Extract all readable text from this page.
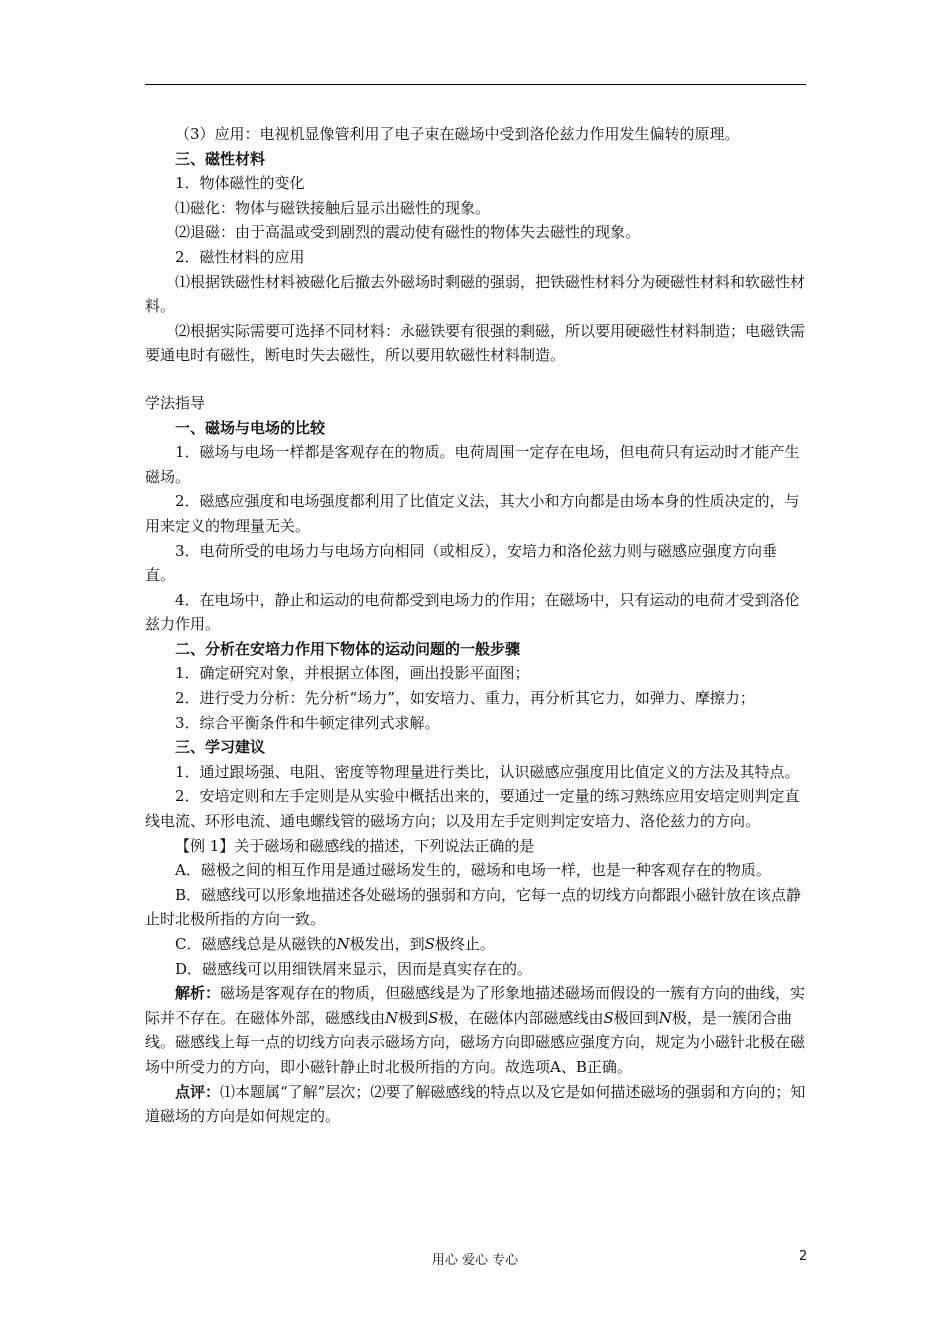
（3）应用：电视机显像管利用了电子束在磁场中受到洛伦兹力作用发生偏转的原理。

三、磁性材料

1．物体磁性的变化

⑴磁化：物体与磁铁接触后显示出磁性的现象。

⑵退磁：由于高温或受到剧烈的震动使有磁性的物体失去磁性的现象。

2．磁性材料的应用

⑴根据铁磁性材料被磁化后撤去外磁场时剩磁的强弱，把铁磁性材料分为硬磁性材料和软磁性材料。

⑵根据实际需要可选择不同材料：永磁铁要有很强的剩磁，所以要用硬磁性材料制造；电磁铁需要通电时有磁性，断电时失去磁性，所以要用软磁性材料制造。

学法指导

一、磁场与电场的比较

1．磁场与电场一样都是客观存在的物质。电荷周围一定存在电场，但电荷只有运动时才能产生磁场。

2．磁感应强度和电场强度都利用了比值定义法，其大小和方向都是由场本身的性质决定的，与用来定义的物理量无关。

3．电荷所受的电场力与电场方向相同（或相反），安培力和洛伦兹力则与磁感应强度方向垂直。

4．在电场中，静止和运动的电荷都受到电场力的作用；在磁场中，只有运动的电荷才受到洛伦兹力作用。

二、分析在安培力作用下物体的运动问题的一般步骤

1．确定研究对象，并根据立体图，画出投影平面图；

2．进行受力分析：先分析“场力”，如安培力、重力，再分析其它力，如弹力、摩擦力；

3．综合平衡条件和牛顿定律列式求解。

三、学习建议

1．通过跟场强、电阻、密度等物理量进行类比，认识磁感应强度用比值定义的方法及其特点。

2．安培定则和左手定则是从实验中概括出来的，要通过一定量的练习熟练应用安培定则判定直线电流、环形电流、通电螺线管的磁场方向；以及用左手定则判定安培力、洛伦兹力的方向。

【例 1】关于磁场和磁感线的描述，下列说法正确的是

A．磁极之间的相互作用是通过磁场发生的，磁场和电场一样，也是一种客观存在的物质。

B．磁感线可以形象地描述各处磁场的强弱和方向，它每一点的切线方向都跟小磁针放在该点静止时北极所指的方向一致。

C．磁感线总是从磁铁的N极发出，到S极终止。

D．磁感线可以用细铁屑来显示，因而是真实存在的。

解析：磁场是客观存在的物质，但磁感线是为了形象地描述磁场而假设的一簇有方向的曲线，实际并不存在。在磁体外部，磁感线由N极到S极，在磁体内部磁感线由S极回到N极，是一簇闭合曲线。磁感线上每一点的切线方向表示磁场方向，磁场方向即磁感应强度方向，规定为小磁针北极在磁场中所受力的方向，即小磁针静止时北极所指的方向。故选项A、B正确。

点评：⑴本题属“了解”层次；⑵要了解磁感线的特点以及它是如何描述磁场的强弱和方向的；知道磁场的方向是如何规定的。

用心 爱心 专心	2
